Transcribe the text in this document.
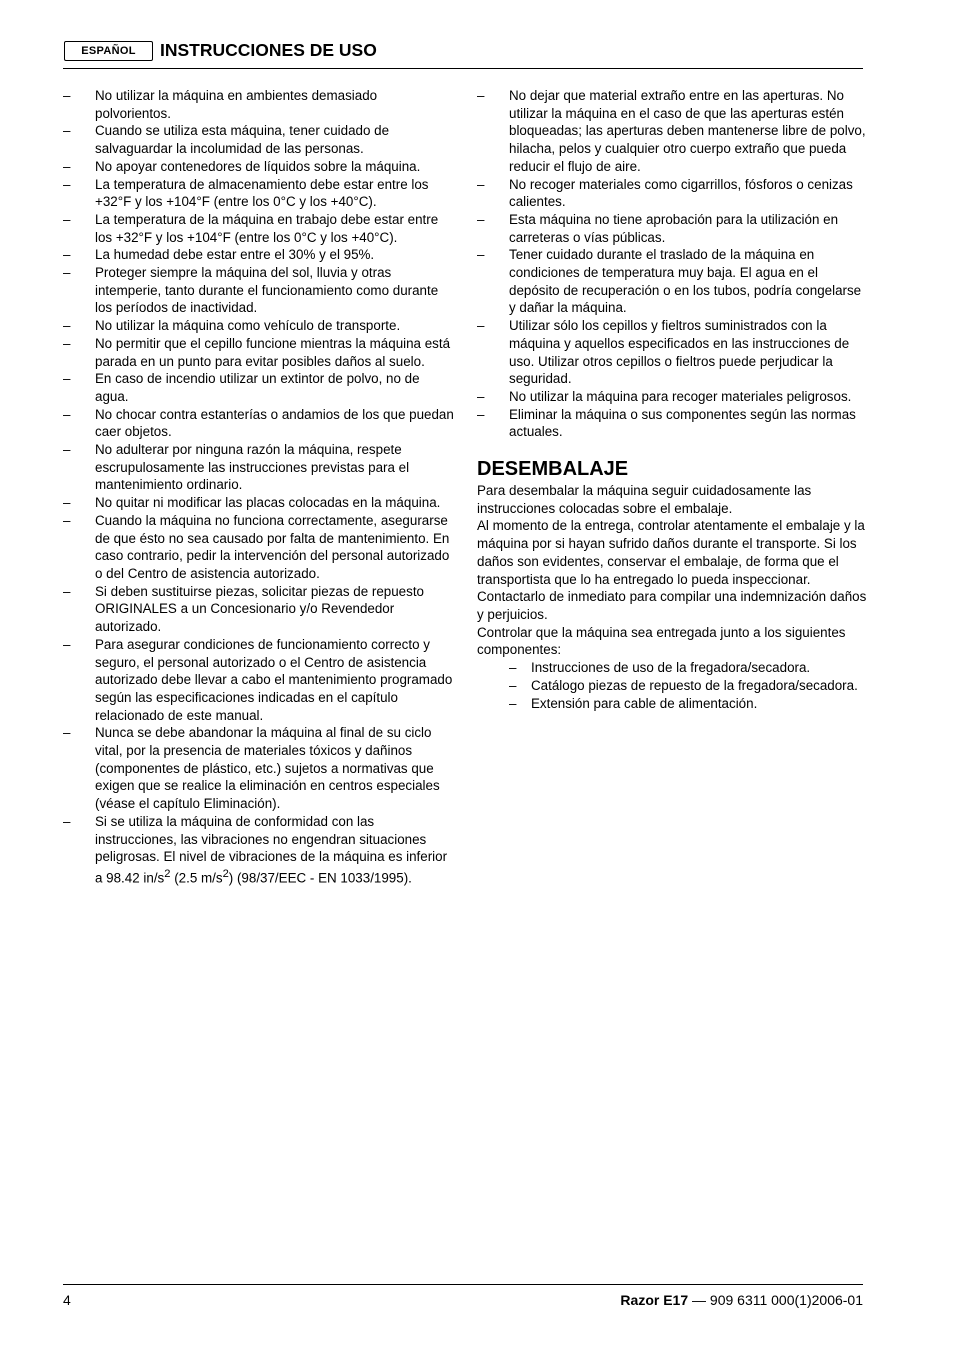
ESPAÑOL	INSTRUCCIONES DE USO
– No utilizar la máquina en ambientes demasiado polvorientos.
– Cuando se utiliza esta máquina, tener cuidado de salvaguardar la incolumidad de las personas.
– No apoyar contenedores de líquidos sobre la máquina.
– La temperatura de almacenamiento debe estar entre los +32°F y los +104°F (entre los 0°C y los +40°C).
– La temperatura de la máquina en trabajo debe estar entre los +32°F y los +104°F (entre los 0°C y los +40°C).
– La humedad debe estar entre el 30% y el 95%.
– Proteger siempre la máquina del sol, lluvia y otras intemperie, tanto durante el funcionamiento como durante los períodos de inactividad.
– No utilizar la máquina como vehículo de transporte.
– No permitir que el cepillo funcione mientras la máquina está parada en un punto para evitar posibles daños al suelo.
– En caso de incendio utilizar un extintor de polvo, no de agua.
– No chocar contra estanterías o andamios de los que puedan caer objetos.
– No adulterar por ninguna razón la máquina, respete escrupulosamente las instrucciones previstas para el mantenimiento ordinario.
– No quitar ni modificar las placas colocadas en la máquina.
– Cuando la máquina no funciona correctamente, asegurarse de que ésto no sea causado por falta de mantenimiento. En caso contrario, pedir la intervención del personal autorizado o del Centro de asistencia autorizado.
– Si deben sustituirse piezas, solicitar piezas de repuesto ORIGINALES a un Concesionario y/o Revendedor autorizado.
– Para asegurar condiciones de funcionamiento correcto y seguro, el personal autorizado o el Centro de asistencia autorizado debe llevar a cabo el mantenimiento programado según las especificaciones indicadas en el capítulo relacionado de este manual.
– Nunca se debe abandonar la máquina al final de su ciclo vital, por la presencia de materiales tóxicos y dañinos (componentes de plástico, etc.) sujetos a normativas que exigen que se realice la eliminación en centros especiales (véase el capítulo Eliminación).
– Si se utiliza la máquina de conformidad con las instrucciones, las vibraciones no engendran situaciones peligrosas. El nivel de vibraciones de la máquina es inferior a 98.42 $in/s^2$ (2.5 $m/s^2$) (98/37/EEC - EN 1033/1995).
– No dejar que material extraño entre en las aperturas. No utilizar la máquina en el caso de que las aperturas estén bloqueadas; las aperturas deben mantenerse libre de polvo, hilacha, pelos y cualquier otro cuerpo extraño que pueda reducir el flujo de aire.
– No recoger materiales como cigarrillos, fósforos o cenizas calientes.
– Esta máquina no tiene aprobación para la utilización en carreteras o vías públicas.
– Tener cuidado durante el traslado de la máquina en condiciones de temperatura muy baja. El agua en el depósito de recuperación o en los tubos, podría congelarse y dañar la máquina.
– Utilizar sólo los cepillos y fieltros suministrados con la máquina y aquellos especificados en las instrucciones de uso. Utilizar otros cepillos o fieltros puede perjudicar la seguridad.
– No utilizar la máquina para recoger materiales peligrosos.
– Eliminar la máquina o sus componentes según las normas actuales.
DESEMBALAJE

Para desembalar la máquina seguir cuidadosamente las instrucciones colocadas sobre el embalaje.

Al momento de la entrega, controlar atentamente el embalaje y la máquina por si hayan sufrido daños durante el transporte. Si los daños son evidentes, conservar el embalaje, de forma que el transportista que lo ha entregado lo pueda inspeccionar. Contactarlo de inmediato para compilar una indemnización daños y perjuicios.

Controlar que la máquina sea entregada junto a los siguientes componentes:

– Instrucciones de uso de la fregadora/secadora.
– Catálogo piezas de repuesto de la fregadora/secadora.
– Extensión para cable de alimentación.
4	Razor E17 — 909 6311 000(1)2006-01
